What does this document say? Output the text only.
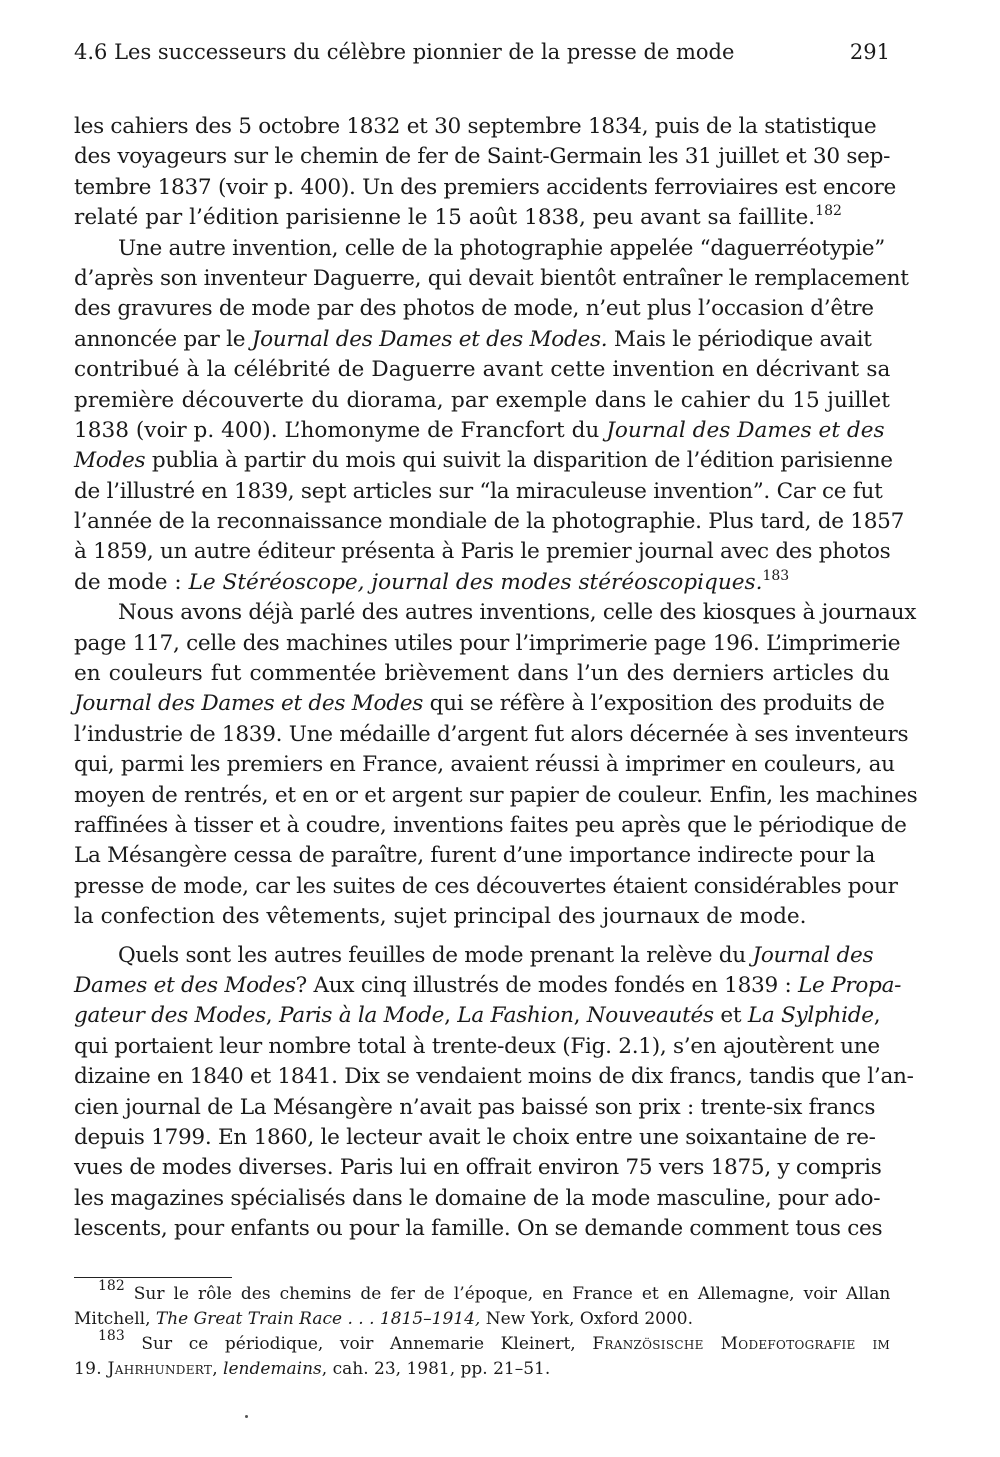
4.6 Les successeurs du célèbre pionnier de la presse de mode	291
les cahiers des 5 octobre 1832 et 30 septembre 1834, puis de la statistique
des voyageurs sur le chemin de fer de Saint-Germain les 31 juillet et 30 sep-
tembre 1837 (voir p. 400). Un des premiers accidents ferroviaires est encore
relaté par l’édition parisienne le 15 août 1838, peu avant sa faillite.$^{182}$
Une autre invention, celle de la photographie appelée “daguerréotypie”
d’après son inventeur Daguerre, qui devait bientôt entraîner le remplacement
des gravures de mode par des photos de mode, n’eut plus l’occasion d’être
annoncée par le Journal des Dames et des Modes. Mais le périodique avait
contribué à la célébrité de Daguerre avant cette invention en décrivant sa
première découverte du diorama, par exemple dans le cahier du 15 juillet
1838 (voir p. 400). L’homonyme de Francfort du Journal des Dames et des
Modes publia à partir du mois qui suivit la disparition de l’édition parisienne
de l’illustré en 1839, sept articles sur “la miraculeuse invention”. Car ce fut
l’année de la reconnaissance mondiale de la photographie. Plus tard, de 1857
à 1859, un autre éditeur présenta à Paris le premier journal avec des photos
de mode : Le Stéréoscope, journal des modes stéréoscopiques.$^{183}$
Nous avons déjà parlé des autres inventions, celle des kiosques à journaux
page 117, celle des machines utiles pour l’imprimerie page 196. L’imprimerie
en couleurs fut commentée brièvement dans l’un des derniers articles du
Journal des Dames et des Modes qui se réfère à l’exposition des produits de
l’industrie de 1839. Une médaille d’argent fut alors décernée à ses inventeurs
qui, parmi les premiers en France, avaient réussi à imprimer en couleurs, au
moyen de rentrés, et en or et argent sur papier de couleur. Enfin, les machines
raffinées à tisser et à coudre, inventions faites peu après que le périodique de
La Mésangère cessa de paraître, furent d’une importance indirecte pour la
presse de mode, car les suites de ces découvertes étaient considérables pour
la confection des vêtements, sujet principal des journaux de mode.
Quels sont les autres feuilles de mode prenant la relève du Journal des
Dames et des Modes? Aux cinq illustrés de modes fondés en 1839 : Le Propa-
gateur des Modes, Paris à la Mode, La Fashion, Nouveautés et La Sylphide,
qui portaient leur nombre total à trente-deux (Fig. 2.1), s’en ajoutèrent une
dizaine en 1840 et 1841. Dix se vendaient moins de dix francs, tandis que l’an-
cien journal de La Mésangère n’avait pas baissé son prix : trente-six francs
depuis 1799. En 1860, le lecteur avait le choix entre une soixantaine de re-
vues de modes diverses. Paris lui en offrait environ 75 vers 1875, y compris
les magazines spécialisés dans le domaine de la mode masculine, pour ado-
lescents, pour enfants ou pour la famille. On se demande comment tous ces
$^{182}$ Sur le rôle des chemins de fer de l’époque, en France et en Allemagne, voir Allan
Mitchell, The Great Train Race . . . 1815–1914, New York, Oxford 2000.
$^{183}$ Sur ce périodique, voir Annemarie Kleinert, Französische Modefotografie im
19. Jahrhundert, lendemains, cah. 23, 1981, pp. 21–51.
